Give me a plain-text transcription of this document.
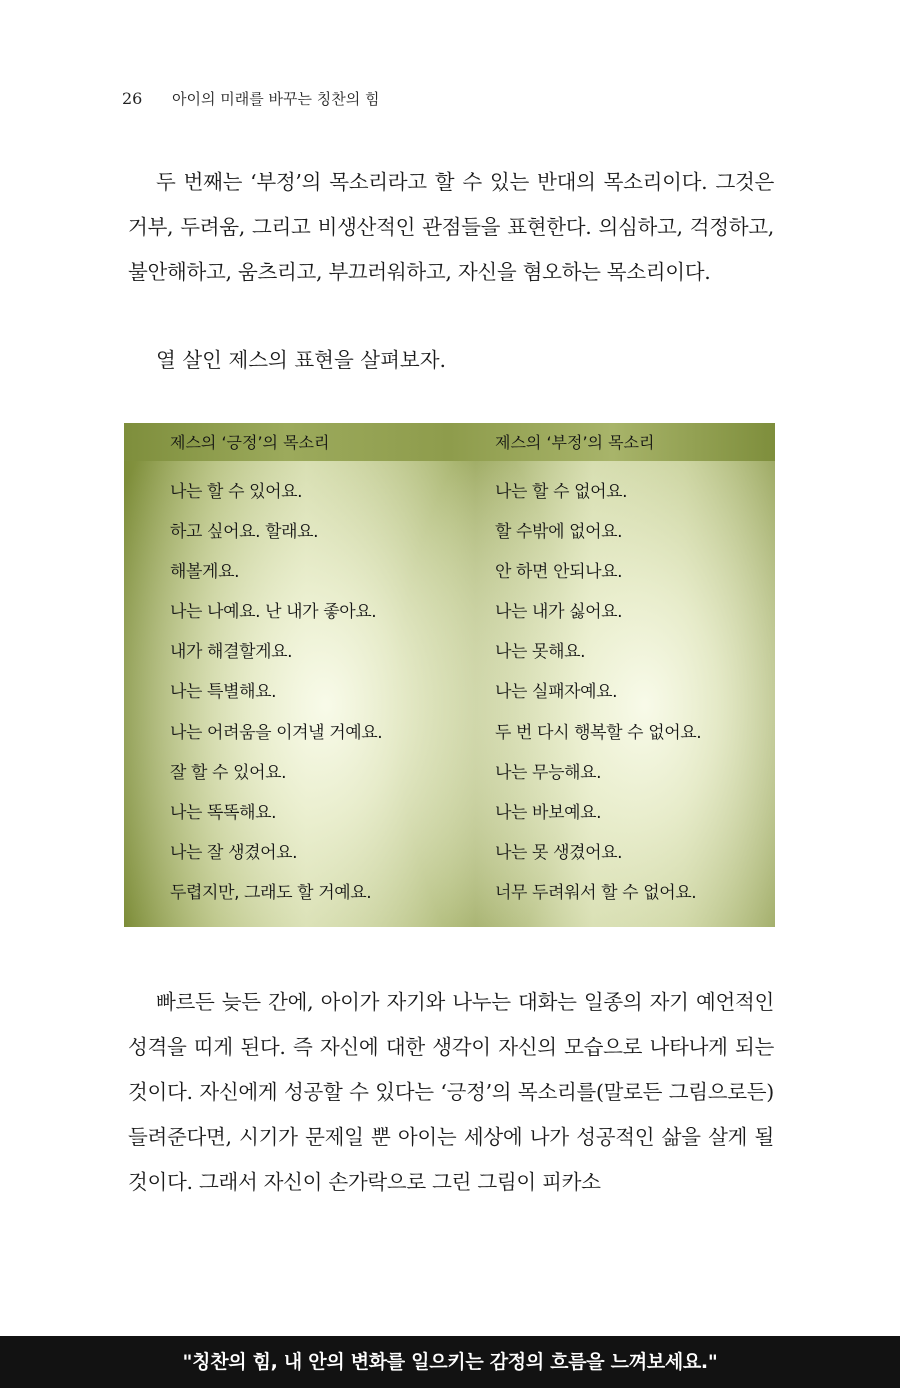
26 아이의 미래를 바꾸는 칭찬의 힘
두 번째는 ‘부정’의 목소리라고 할 수 있는 반대의 목소리이다. 그것은 거부, 두려움, 그리고 비생산적인 관점들을 표현한다. 의심하고, 걱정하고, 불안해하고, 움츠리고, 부끄러워하고, 자신을 혐오하는 목소리이다.
열 살인 제스의 표현을 살펴보자.
제스의 ‘긍정’의 목소리
나는 할 수 있어요.
하고 싶어요. 할래요.
해볼게요.
나는 나예요. 난 내가 좋아요.
내가 해결할게요.
나는 특별해요.
나는 어려움을 이겨낼 거예요.
잘 할 수 있어요.
나는 똑똑해요.
나는 잘 생겼어요.
두렵지만, 그래도 할 거예요.
제스의 ‘부정’의 목소리
나는 할 수 없어요.
할 수밖에 없어요.
안 하면 안되나요.
나는 내가 싫어요.
나는 못해요.
나는 실패자예요.
두 번 다시 행복할 수 없어요.
나는 무능해요.
나는 바보예요.
나는 못 생겼어요.
너무 두려워서 할 수 없어요.
빠르든 늦든 간에, 아이가 자기와 나누는 대화는 일종의 자기 예언적인 성격을 띠게 된다. 즉 자신에 대한 생각이 자신의 모습으로 나타나게 되는 것이다. 자신에게 성공할 수 있다는 ‘긍정’의 목소리를(말로든 그림으로든) 들려준다면, 시기가 문제일 뿐 아이는 세상에 나가 성공적인 삶을 살게 될 것이다. 그래서 자신이 손가락으로 그린 그림이 피카소
"칭찬의 힘, 내 안의 변화를 일으키는 감정의 흐름을 느껴보세요."
